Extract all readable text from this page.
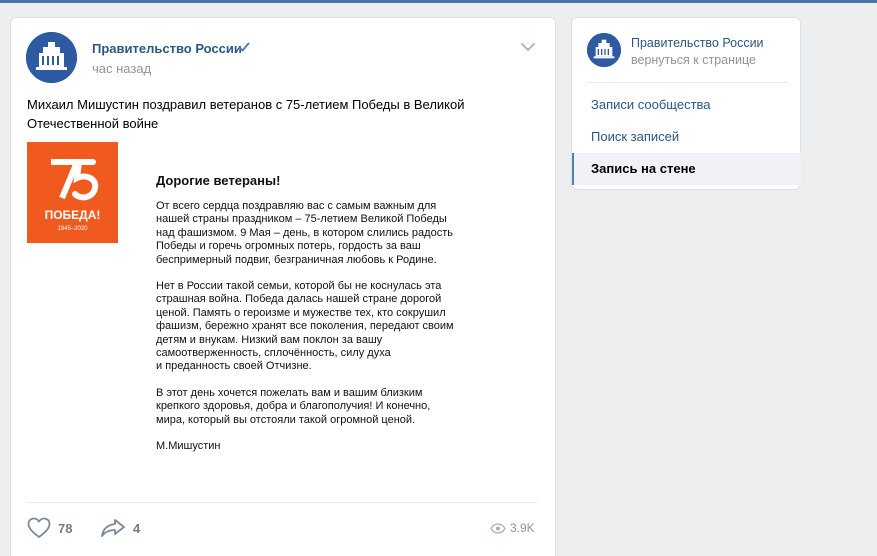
Правительство России
час назад
Михаил Мишустин поздравил ветеранов с 75-летием Победы в Великой Отечественной войне
ПОБЕДА!
1945–2020
75
Дорогие ветераны!

От всего сердца поздравляю вас с самым важным для
нашей страны праздником – 75-летием Великой Победы
над фашизмом. 9 Мая – день, в котором слились радость
Победы и горечь огромных потерь, гордость за ваш
беспримерный подвиг, безграничная любовь к Родине.

Нет в России такой семьи, которой бы не коснулась эта
страшная война. Победа далась нашей стране дорогой
ценой. Память о героизме и мужестве тех, кто сокрушил
фашизм, бережно хранят все поколения, передают своим
детям и внукам. Низкий вам поклон за вашу
самоотверженность, сплочённость, силу духа
и преданность своей Отчизне.

В этот день хочется пожелать вам и вашим близким
крепкого здоровья, добра и благополучия! И конечно,
мира, который вы отстояли такой огромной ценой.

М.Мишустин
78	4	3.9K
Правительство России
вернуться к странице
Записи сообщества
Поиск записей
Запись на стене
